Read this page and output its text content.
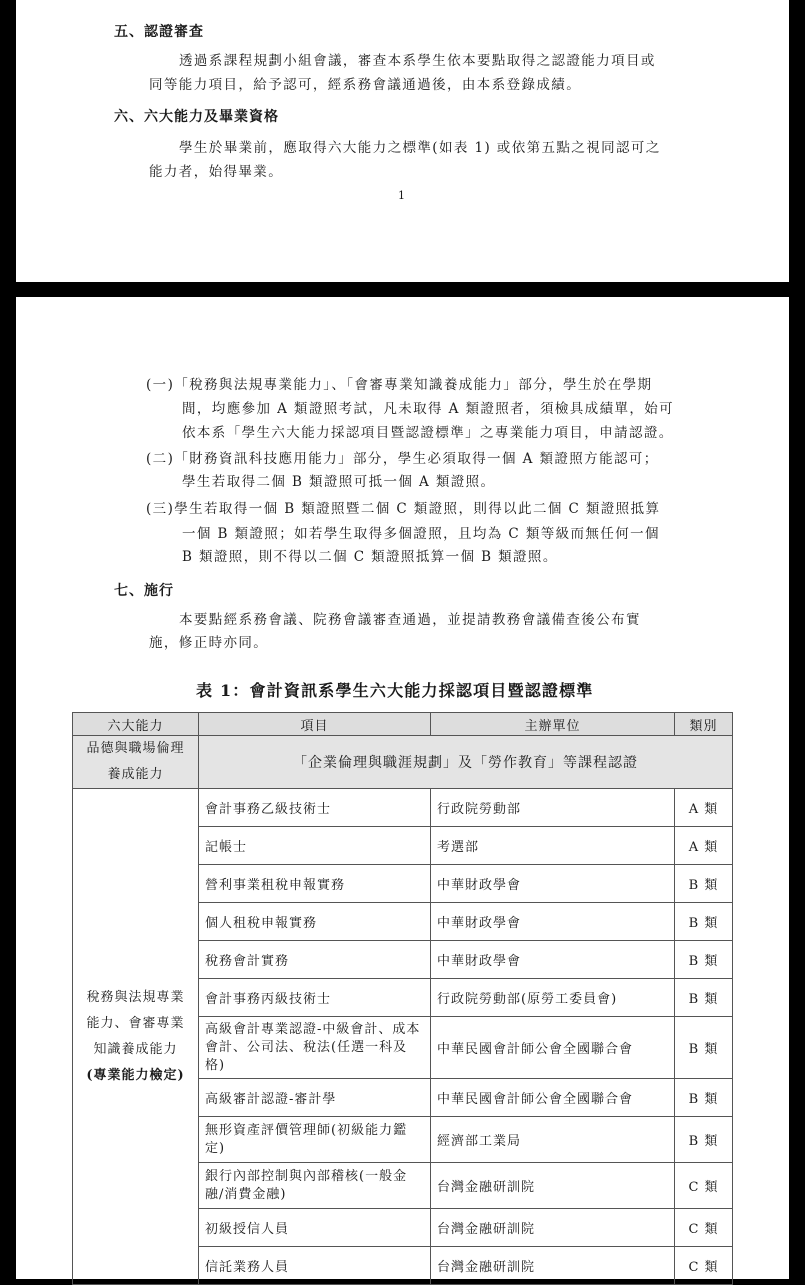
五、認證審查
透過系課程規劃小組會議，審查本系學生依本要點取得之認證能力項目或
同等能力項目，給予認可，經系務會議通過後，由本系登錄成績。
六、六大能力及畢業資格
學生於畢業前，應取得六大能力之標準(如表 1) 或依第五點之視同認可之
能力者，始得畢業。
1
(一)「稅務與法規專業能力」、「會審專業知識養成能力」部分，學生於在學期
間，均應參加 A 類證照考試，凡未取得 A 類證照者，須檢具成績單，始可
依本系「學生六大能力採認項目暨認證標準」之專業能力項目，申請認證。
(二)「財務資訊科技應用能力」部分，學生必須取得一個 A 類證照方能認可；
學生若取得二個 B 類證照可抵一個 A 類證照。
(三)學生若取得一個 B 類證照暨二個 C 類證照，則得以此二個 C 類證照抵算
一個 B 類證照；如若學生取得多個證照，且均為 C 類等級而無任何一個
B 類證照，則不得以二個 C 類證照抵算一個 B 類證照。
七、施行
本要點經系務會議、院務會議審查通過，並提請教務會議備查後公布實
施，修正時亦同。
表 1：會計資訊系學生六大能力採認項目暨認證標準
六大能力	項目	主辦單位	類別

品德與職場倫理
養成能力	「企業倫理與職涯規劃」及「勞作教育」等課程認證		

稅務與法規專業
能力、會審專業
知識養成能力
(專業能力檢定)	會計事務乙級技術士	行政院勞動部	A 類
	記帳士	考選部	A 類
	營利事業租稅申報實務	中華財政學會	B 類
	個人租稅申報實務	中華財政學會	B 類
	稅務會計實務	中華財政學會	B 類
	會計事務丙級技術士	行政院勞動部(原勞工委員會)	B 類
	高級會計專業認證-中級會計、成本會計、公司法、稅法(任選一科及格)	中華民國會計師公會全國聯合會	B 類
	高級審計認證-審計學	中華民國會計師公會全國聯合會	B 類
	無形資產評價管理師(初級能力鑑定)	經濟部工業局	B 類
	銀行內部控制與內部稽核(一般金融/消費金融)	台灣金融研訓院	C 類
	初級授信人員	台灣金融研訓院	C 類
	信託業務人員	台灣金融研訓院	C 類
